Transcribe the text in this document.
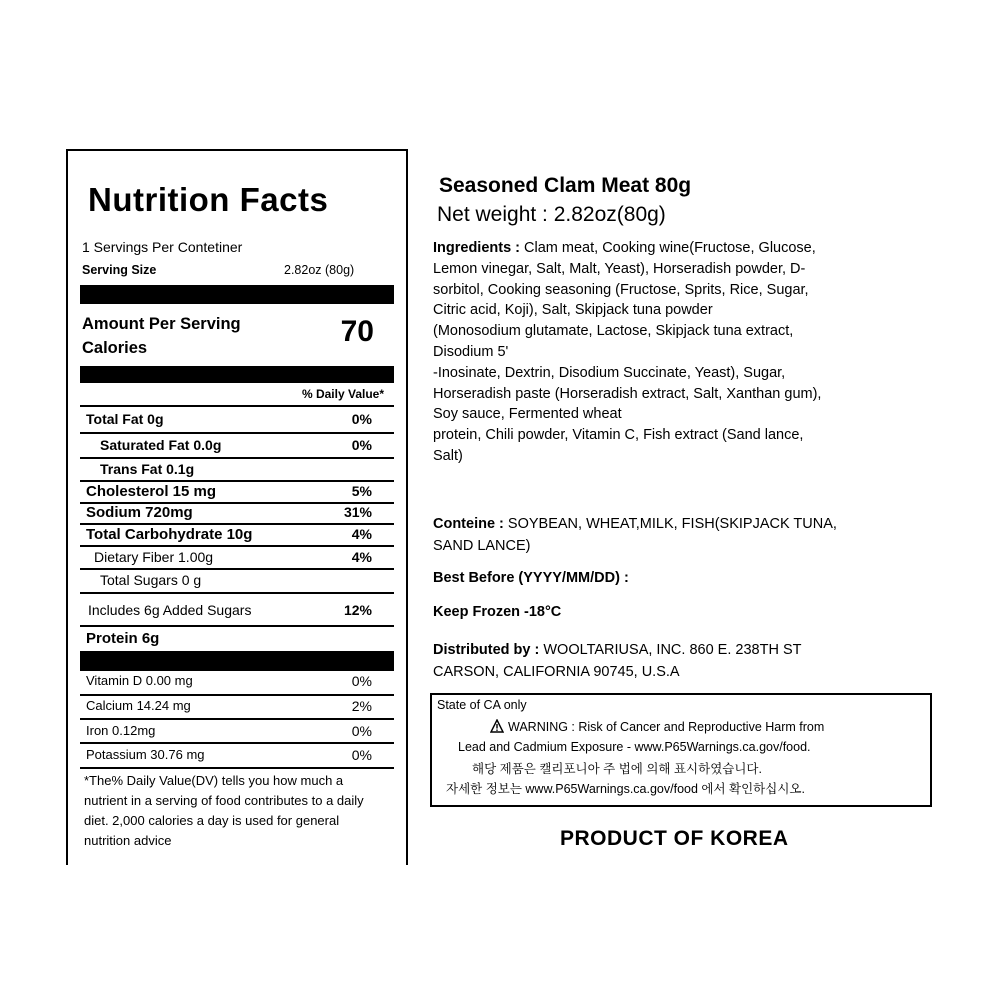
Nutrition Facts
1 Servings Per Contetiner
Serving Size	2.82oz (80g)
Amount Per Serving
Calories	70
% Daily Value*
Total Fat 0g	0%
Saturated Fat 0.0g	0%
Trans Fat 0.1g
Cholesterol 15 mg	5%
Sodium 720mg	31%
Total Carbohydrate 10g	4%
Dietary Fiber 1.00g	4%
Total Sugars 0 g
Includes 6g Added Sugars	12%
Protein 6g
Vitamin D 0.00 mg	0%
Calcium 14.24 mg	2%
Iron 0.12mg	0%
Potassium 30.76 mg	0%
*The% Daily Value(DV) tells you how much a nutrient in a serving of food contributes to a daily diet. 2,000 calories a day is used for general nutrition advice
Seasoned Clam Meat 80g
Net weight : 2.82oz(80g)
Ingredients : Clam meat, Cooking wine(Fructose, Glucose,
Lemon vinegar, Salt, Malt, Yeast), Horseradish powder, D-
sorbitol, Cooking seasoning (Fructose, Sprits, Rice, Sugar,
Citric acid, Koji), Salt, Skipjack tuna powder
(Monosodium glutamate, Lactose, Skipjack tuna extract,
Disodium 5'
-Inosinate, Dextrin, Disodium Succinate, Yeast), Sugar,
Horseradish paste (Horseradish extract, Salt, Xanthan gum),
Soy sauce, Fermented wheat
protein, Chili powder, Vitamin C, Fish extract (Sand lance,
Salt)
Conteine : SOYBEAN, WHEAT,MILK, FISH(SKIPJACK TUNA,
SAND LANCE)
Best Before (YYYY/MM/DD) :
Keep Frozen -18°C
Distributed by : WOOLTARIUSA, INC. 860 E. 238TH ST
CARSON, CALIFORNIA 90745, U.S.A
State of CA only
WARNING : Risk of Cancer and Reproductive Harm from
Lead and Cadmium Exposure - www.P65Warnings.ca.gov/food.
해당 제품은 캘리포니아 주 법에 의해 표시하였습니다.
자세한 정보는 www.P65Warnings.ca.gov/food 에서 확인하십시오.
PRODUCT OF KOREA
